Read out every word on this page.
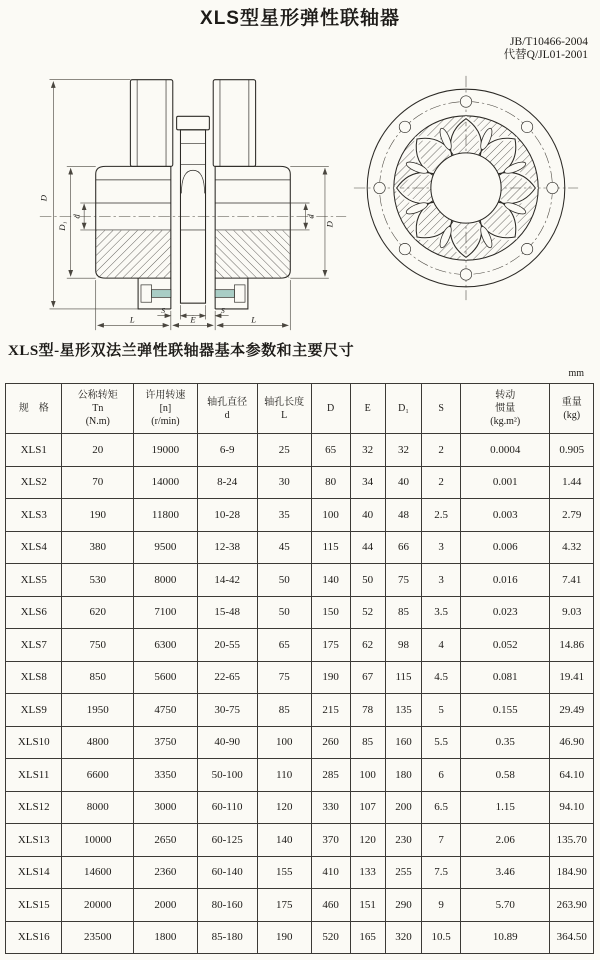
XLS型星形弹性联轴器
JB/T10466-2004
代替Q/JL01-2001
D
D₁
d	d
D
S	S
L	E	L
XLS型-星形双法兰弹性联轴器基本参数和主要尺寸
mm
规　格	公称转矩
Tn
(N.m)	许用转速
[n]
(r/min)	轴孔直径
d	轴孔长度
L	D	E	D₁	S	转动
惯量
(kg.m²)	重量
(kg)

XLS1	20	19000	6-9	25	65	32	32	2	0.0004	0.905
XLS2	70	14000	8-24	30	80	34	40	2	0.001	1.44
XLS3	190	11800	10-28	35	100	40	48	2.5	0.003	2.79
XLS4	380	9500	12-38	45	115	44	66	3	0.006	4.32
XLS5	530	8000	14-42	50	140	50	75	3	0.016	7.41
XLS6	620	7100	15-48	50	150	52	85	3.5	0.023	9.03
XLS7	750	6300	20-55	65	175	62	98	4	0.052	14.86
XLS8	850	5600	22-65	75	190	67	115	4.5	0.081	19.41
XLS9	1950	4750	30-75	85	215	78	135	5	0.155	29.49
XLS10	4800	3750	40-90	100	260	85	160	5.5	0.35	46.90
XLS11	6600	3350	50-100	110	285	100	180	6	0.58	64.10
XLS12	8000	3000	60-110	120	330	107	200	6.5	1.15	94.10
XLS13	10000	2650	60-125	140	370	120	230	7	2.06	135.70
XLS14	14600	2360	60-140	155	410	133	255	7.5	3.46	184.90
XLS15	20000	2000	80-160	175	460	151	290	9	5.70	263.90
XLS16	23500	1800	85-180	190	520	165	320	10.5	10.89	364.50
